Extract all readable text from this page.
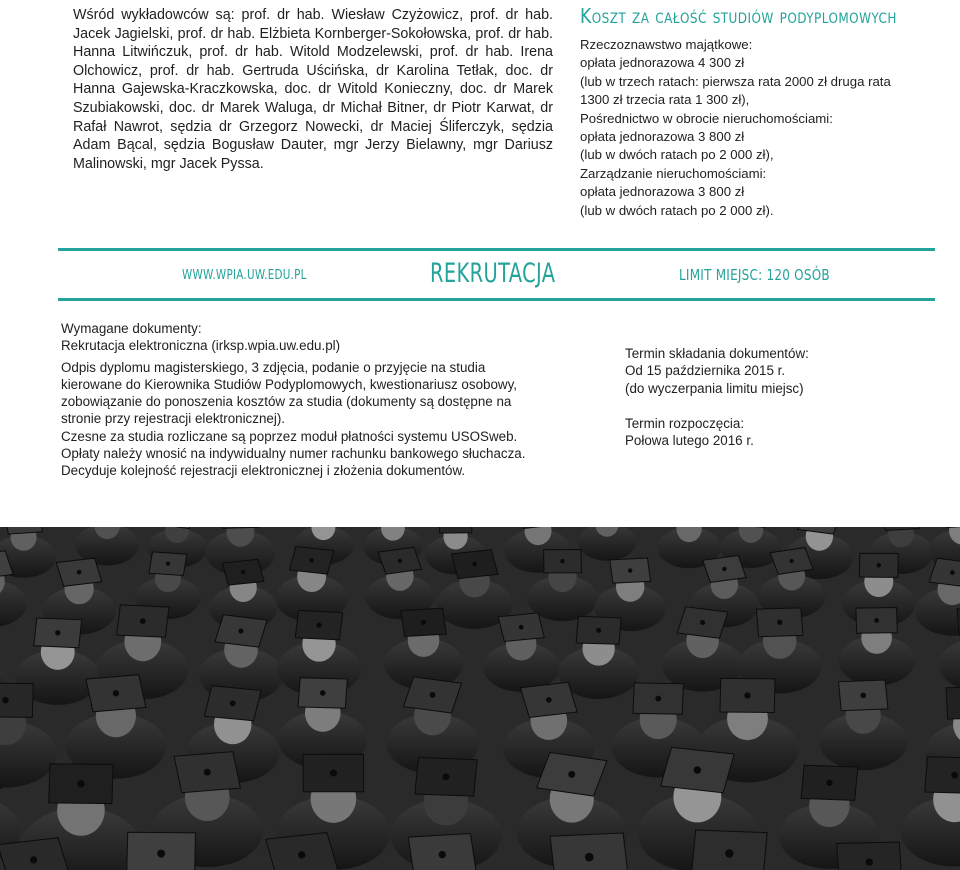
Wśród wykładowców są: prof. dr hab. Wiesław Czyżowicz, prof. dr hab. Jacek Jagielski, prof. dr hab. Elżbieta Kornberger-Sokołowska, prof. dr hab. Hanna Litwińczuk, prof. dr hab. Witold Modzelewski, prof. dr hab. Irena Olchowicz, prof. dr hab. Gertruda Uścińska, dr Karolina Tetłak, doc. dr Hanna Gajewska-Kraczkowska, doc. dr Witold Konieczny, doc. dr Marek Szubiakowski, doc. dr Marek Waluga, dr Michał Bitner, dr Piotr Karwat, dr Rafał Nawrot, sędzia dr Grzegorz Nowecki, dr Maciej Śliferczyk, sędzia Adam Bącal, sędzia Bogusław Dauter, mgr Jerzy Bielawny, mgr Dariusz Malinowski, mgr Jacek Pyssa.
Koszt za całość studiów podyplomowych
Rzeczoznawstwo majątkowe:
opłata jednorazowa 4 300 zł
(lub w trzech ratach: pierwsza rata 2000 zł druga rata
1300 zł trzecia rata 1 300 zł),
Pośrednictwo w obrocie nieruchomościami:
opłata jednorazowa 3 800 zł
(lub w dwóch ratach po 2 000 zł),
Zarządzanie nieruchomościami:
opłata jednorazowa 3 800 zł
(lub w dwóch ratach po 2 000 zł).
WWW.WPIA.UW.EDU.PL	REKRUTACJA	LIMIT MIEJSC: 120 OSÓB
Wymagane dokumenty:
Rekrutacja elektroniczna (irksp.wpia.uw.edu.pl)
Odpis dyplomu magisterskiego, 3 zdjęcia, podanie o przyjęcie na studia
kierowane do Kierownika Studiów Podyplomowych, kwestionariusz osobowy,
zobowiązanie do ponoszenia kosztów za studia (dokumenty są dostępne na
stronie przy rejestracji elektronicznej).
Czesne za studia rozliczane są poprzez moduł płatności systemu USOSweb.
Opłaty należy wnosić na indywidualny numer rachunku bankowego słuchacza.
Decyduje kolejność rejestracji elektronicznej i złożenia dokumentów.
Termin składania dokumentów:
Od 15 października 2015 r.
(do wyczerpania limitu miejsc)
Termin rozpoczęcia:
Połowa lutego 2016 r.
